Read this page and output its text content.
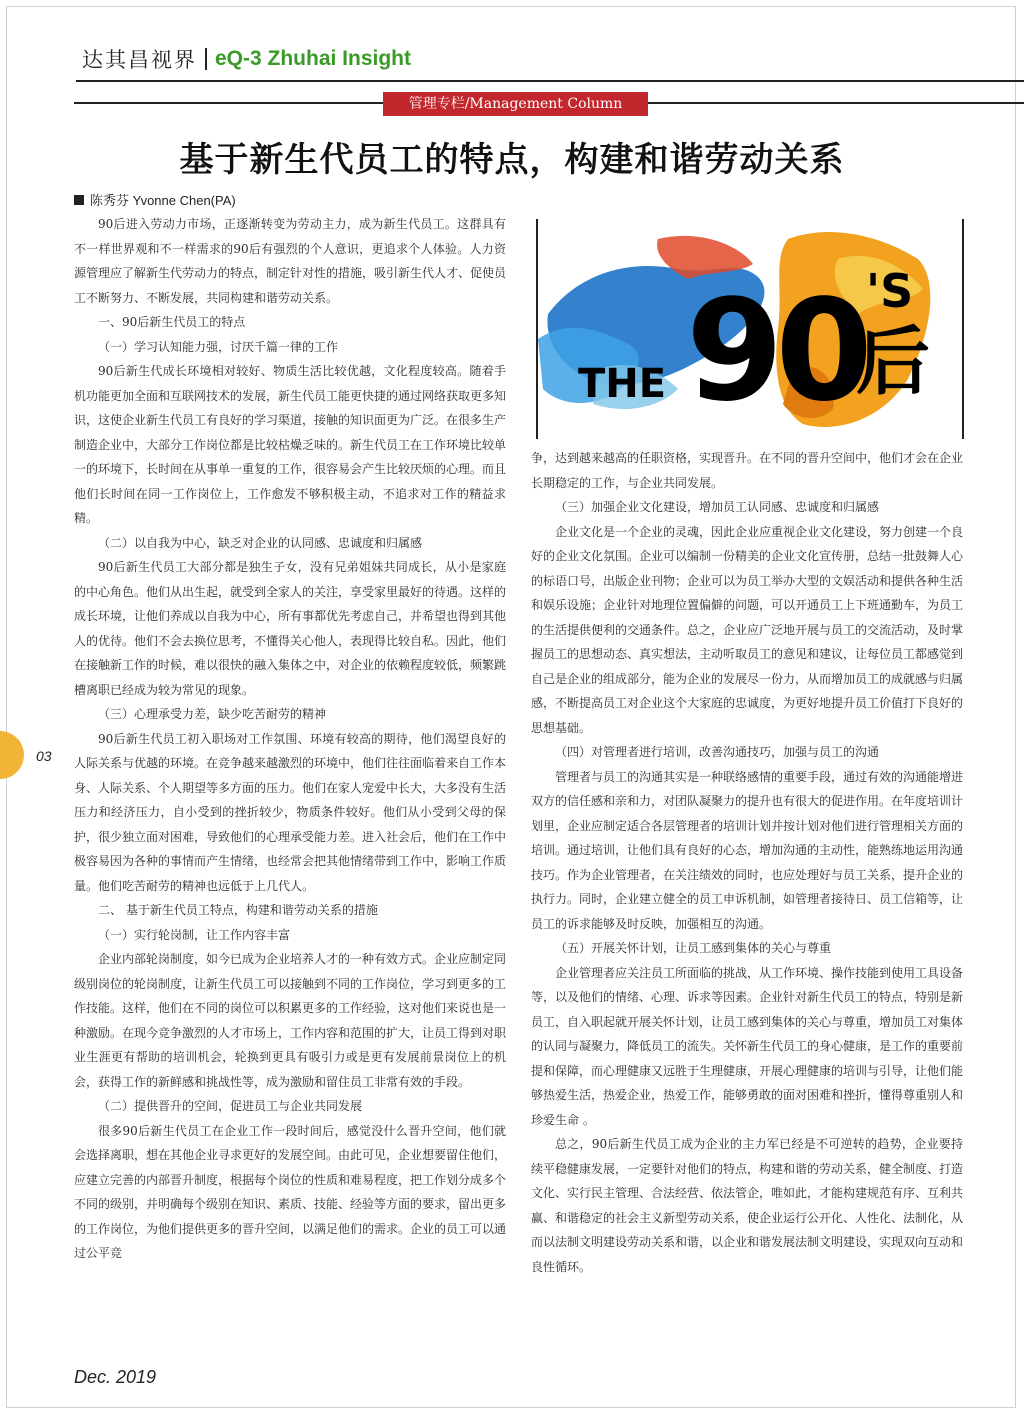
达其昌视界 eQ-3 Zhuhai Insight
管理专栏/Management Column
基于新生代员工的特点，构建和谐劳动关系
陈秀芬 Yvonne Chen(PA)

90后进入劳动力市场，正逐渐转变为劳动主力，成为新生代员工。这群具有不一样世界观和不一样需求的90后有强烈的个人意识，更追求个人体验。人力资源管理应了解新生代劳动力的特点，制定针对性的措施，吸引新生代人才、促使员工不断努力、不断发展，共同构建和谐劳动关系。

一、90后新生代员工的特点

（一）学习认知能力强，讨厌千篇一律的工作

90后新生代成长环境相对较好、物质生活比较优越，文化程度较高。随着手机功能更加全面和互联网技术的发展，新生代员工能更快捷的通过网络获取更多知识，这使企业新生代员工有良好的学习渠道，接触的知识面更为广泛。在很多生产制造企业中，大部分工作岗位都是比较枯燥乏味的。新生代员工在工作环境比较单一的环境下，长时间在从事单一重复的工作，很容易会产生比较厌烦的心理。而且他们长时间在同一工作岗位上，工作愈发不够积极主动，不追求对工作的精益求精。

（二）以自我为中心，缺乏对企业的认同感、忠诚度和归属感

90后新生代员工大部分都是独生子女，没有兄弟姐妹共同成长，从小是家庭的中心角色。他们从出生起，就受到全家人的关注，享受家里最好的待遇。这样的成长环境，让他们养成以自我为中心，所有事都优先考虑自己，并希望也得到其他人的优待。他们不会去换位思考，不懂得关心他人，表现得比较自私。因此，他们在接触新工作的时候，难以很快的融入集体之中，对企业的依赖程度较低，频繁跳槽离职已经成为较为常见的现象。

（三）心理承受力差，缺少吃苦耐劳的精神

90后新生代员工初入职场对工作氛围、环境有较高的期待，他们渴望良好的人际关系与优越的环境。在竞争越来越激烈的环境中，他们往往面临着来自工作本身、人际关系、个人期望等多方面的压力。他们在家人宠爱中长大，大多没有生活压力和经济压力，自小受到的挫折较少，物质条件较好。他们从小受到父母的保护，很少独立面对困难，导致他们的心理承受能力差。进入社会后，他们在工作中极容易因为各种的事情而产生情绪，也经常会把其他情绪带到工作中，影响工作质量。他们吃苦耐劳的精神也远低于上几代人。

二、 基于新生代员工特点，构建和谐劳动关系的措施

（一）实行轮岗制，让工作内容丰富

企业内部轮岗制度，如今已成为企业培养人才的一种有效方式。企业应制定同级别岗位的轮岗制度，让新生代员工可以接触到不同的工作岗位，学习到更多的工作技能。这样，他们在不同的岗位可以积累更多的工作经验，这对他们来说也是一种激励。在现今竞争激烈的人才市场上，工作内容和范围的扩大，让员工得到对职业生涯更有帮助的培训机会，轮换到更具有吸引力或是更有发展前景岗位上的机会，获得工作的新鲜感和挑战性等，成为激励和留住员工非常有效的手段。

（二）提供晋升的空间，促进员工与企业共同发展

很多90后新生代员工在企业工作一段时间后，感觉没什么晋升空间，他们就会选择离职，想在其他企业寻求更好的发展空间。由此可见，企业想要留住他们，应建立完善的内部晋升制度，根据每个岗位的性质和难易程度，把工作划分成多个不同的级别，并明确每个级别在知识、素质、技能、经验等方面的要求，留出更多的工作岗位，为他们提供更多的晋升空间，以满足他们的需求。企业的员工可以通过公平竞

THE 90 'S
后

争，达到越来越高的任职资格，实现晋升。在不同的晋升空间中，他们才会在企业长期稳定的工作，与企业共同发展。

（三）加强企业文化建设，增加员工认同感、忠诚度和归属感

企业文化是一个企业的灵魂，因此企业应重视企业文化建设，努力创建一个良好的企业文化氛围。企业可以编制一份精美的企业文化宣传册，总结一批鼓舞人心的标语口号，出版企业刊物；企业可以为员工举办大型的文娱活动和提供各种生活和娱乐设施；企业针对地理位置偏僻的问题，可以开通员工上下班通勤车，为员工的生活提供便利的交通条件。总之，企业应广泛地开展与员工的交流活动，及时掌握员工的思想动态、真实想法，主动听取员工的意见和建议，让每位员工都感觉到自己是企业的组成部分，能为企业的发展尽一份力，从而增加员工的成就感与归属感，不断提高员工对企业这个大家庭的忠诚度，为更好地提升员工价值打下良好的思想基础。

（四）对管理者进行培训，改善沟通技巧，加强与员工的沟通

管理者与员工的沟通其实是一种联络感情的重要手段，通过有效的沟通能增进双方的信任感和亲和力，对团队凝聚力的提升也有很大的促进作用。在年度培训计划里，企业应制定适合各层管理者的培训计划并按计划对他们进行管理相关方面的培训。通过培训，让他们具有良好的心态，增加沟通的主动性，能熟练地运用沟通技巧。作为企业管理者，在关注绩效的同时，也应处理好与员工关系，提升企业的执行力。同时，企业建立健全的员工申诉机制，如管理者接待日、员工信箱等，让员工的诉求能够及时反映，加强相互的沟通。

（五）开展关怀计划，让员工感到集体的关心与尊重

企业管理者应关注员工所面临的挑战，从工作环境、操作技能到使用工具设备等，以及他们的情绪、心理、诉求等因素。企业针对新生代员工的特点，特别是新员工，自入职起就开展关怀计划，让员工感到集体的关心与尊重，增加员工对集体的认同与凝聚力，降低员工的流失。关怀新生代员工的身心健康，是工作的重要前提和保障，而心理健康又远胜于生理健康，开展心理健康的培训与引导，让他们能够热爱生活，热爱企业，热爱工作，能够勇敢的面对困难和挫折，懂得尊重别人和珍爱生命 。

总之，90后新生代员工成为企业的主力军已经是不可逆转的趋势，企业要持续平稳健康发展，一定要针对他们的特点，构建和谐的劳动关系，健全制度、打造文化、实行民主管理、合法经营、依法管企，唯如此，才能构建规范有序、互利共赢、和谐稳定的社会主义新型劳动关系，使企业运行公开化、人性化、法制化，从而以法制文明建设劳动关系和谐，以企业和谐发展法制文明建设，实现双向互动和良性循环。

03
Dec. 2019
